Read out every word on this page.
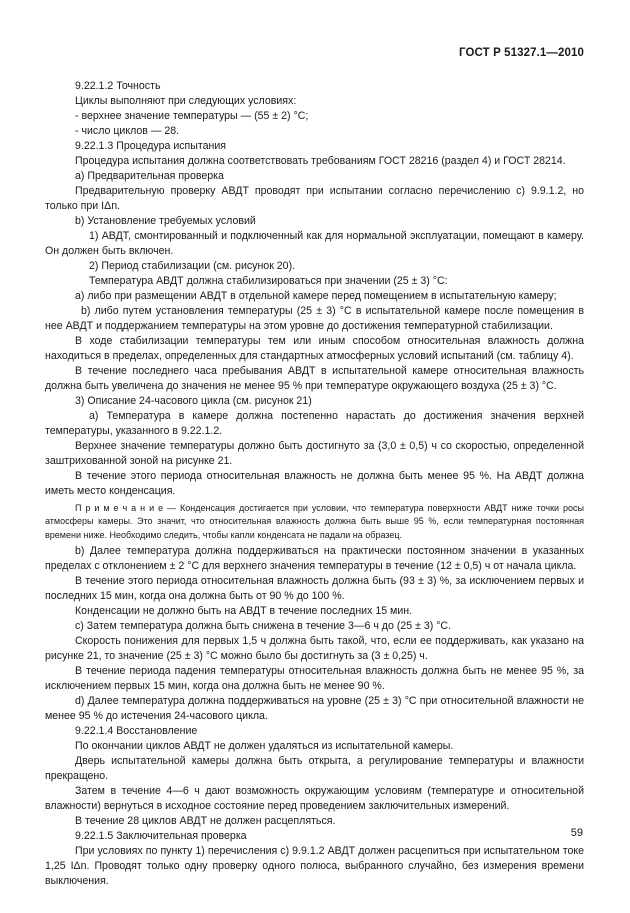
ГОСТ Р 51327.1—2010

9.22.1.2 Точность

Циклы выполняют при следующих условиях:

- верхнее значение температуры — (55 ± 2) °С;

- число циклов — 28.

9.22.1.3 Процедура испытания

Процедура испытания должна соответствовать требованиям ГОСТ 28216 (раздел 4) и ГОСТ 28214.

а) Предварительная проверка

Предварительную проверку АВДТ проводят при испытании согласно перечислению с) 9.9.1.2, но только при IΔn.

b) Установление требуемых условий

1) АВДТ, смонтированный и подключенный как для нормальной эксплуатации, помещают в камеру. Он должен быть включен.

2) Период стабилизации (см. рисунок 20).

Температура АВДТ должна стабилизироваться при значении (25 ± 3) °С:

а) либо при размещении АВДТ в отдельной камере перед помещением в испытательную камеру;

b) либо путем установления температуры (25 ± 3) °С в испытательной камере после помещения в нее АВДТ и поддержанием температуры на этом уровне до достижения температурной стабилизации.

В ходе стабилизации температуры тем или иным способом относительная влажность должна находиться в пределах, определенных для стандартных атмосферных условий испытаний (см. таблицу 4).

В течение последнего часа пребывания АВДТ в испытательной камере относительная влажность должна быть увеличена до значения не менее 95 % при температуре окружающего воздуха (25 ± 3) °С.

3) Описание 24-часового цикла (см. рисунок 21)

а) Температура в камере должна постепенно нарастать до достижения значения верхней температуры, указанного в 9.22.1.2.

Верхнее значение температуры должно быть достигнуто за (3,0 ± 0,5) ч со скоростью, определенной заштрихованной зоной на рисунке 21.

В течение этого периода относительная влажность не должна быть менее 95 %. На АВДТ должна иметь место конденсация.

П р и м е ч а н и е — Конденсация достигается при условии, что температура поверхности АВДТ ниже точки росы атмосферы камеры. Это значит, что относительная влажность должна быть выше 95 %, если температурная постоянная времени ниже. Необходимо следить, чтобы капли конденсата не падали на образец.

b) Далее температура должна поддерживаться на практически постоянном значении в указанных пределах с отклонением ± 2 °С для верхнего значения температуры в течение (12 ± 0,5) ч от начала цикла.

В течение этого периода относительная влажность должна быть (93 ± 3) %, за исключением первых и последних 15 мин, когда она должна быть от 90 % до 100 %.

Конденсации не должно быть на АВДТ в течение последних 15 мин.

с) Затем температура должна быть снижена в течение 3—6 ч до (25 ± 3) °С.

Скорость понижения для первых 1,5 ч должна быть такой, что, если ее поддерживать, как указано на рисунке 21, то значение (25 ± 3) °С можно было бы достигнуть за (3 ± 0,25) ч.

В течение периода падения температуры относительная влажность должна быть не менее 95 %, за исключением первых 15 мин, когда она должна быть не менее 90 %.

d) Далее температура должна поддерживаться на уровне (25 ± 3) °С при относительной влажности не менее 95 % до истечения 24-часового цикла.

9.22.1.4 Восстановление

По окончании циклов АВДТ не должен удаляться из испытательной камеры.

Дверь испытательной камеры должна быть открыта, а регулирование температуры и влажности прекращено.

Затем в течение 4—6 ч дают возможность окружающим условиям (температуре и относительной влажности) вернуться в исходное состояние перед проведением заключительных измерений.

В течение 28 циклов АВДТ не должен расцепляться.

9.22.1.5 Заключительная проверка

При условиях по пункту 1) перечисления с) 9.9.1.2 АВДТ должен расцепиться при испытательном токе 1,25 IΔn. Проводят только одну проверку одного полюса, выбранного случайно, без измерения времени выключения.

59
